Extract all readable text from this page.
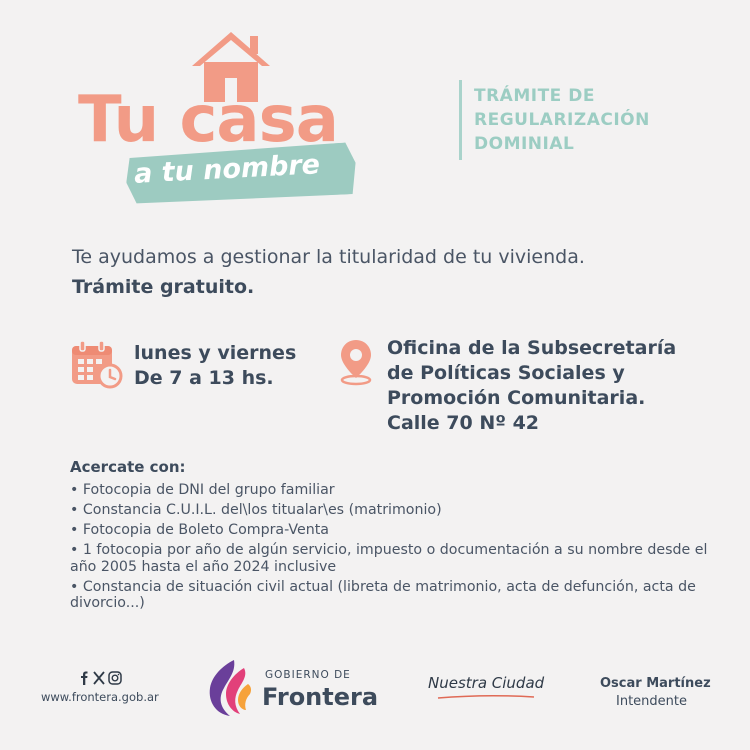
Tu casa
a tu nombre
TRÁMITE DE
REGULARIZACIÓN
DOMINIAL
Te ayudamos a gestionar la titularidad de tu vivienda.
Trámite gratuito.
lunes y viernes
De 7 a 13 hs.
Oficina de la Subsecretaría
de Políticas Sociales y
Promoción Comunitaria.
Calle 70 Nº 42
Acercate con:
• Fotocopia de DNI del grupo familiar
• Constancia C.U.I.L. del\los titualar\es (matrimonio)
• Fotocopia de Boleto Compra-Venta
• 1 fotocopia por año de algún servicio, impuesto o documentación a su nombre desde el año 2005 hasta el año 2024 inclusive
• Constancia de situación civil actual (libreta de matrimonio, acta de defunción, acta de divorcio...)
www.frontera.gob.ar
GOBIERNO DE
Frontera	Nuestra Ciudad	Oscar Martínez
Intendente
